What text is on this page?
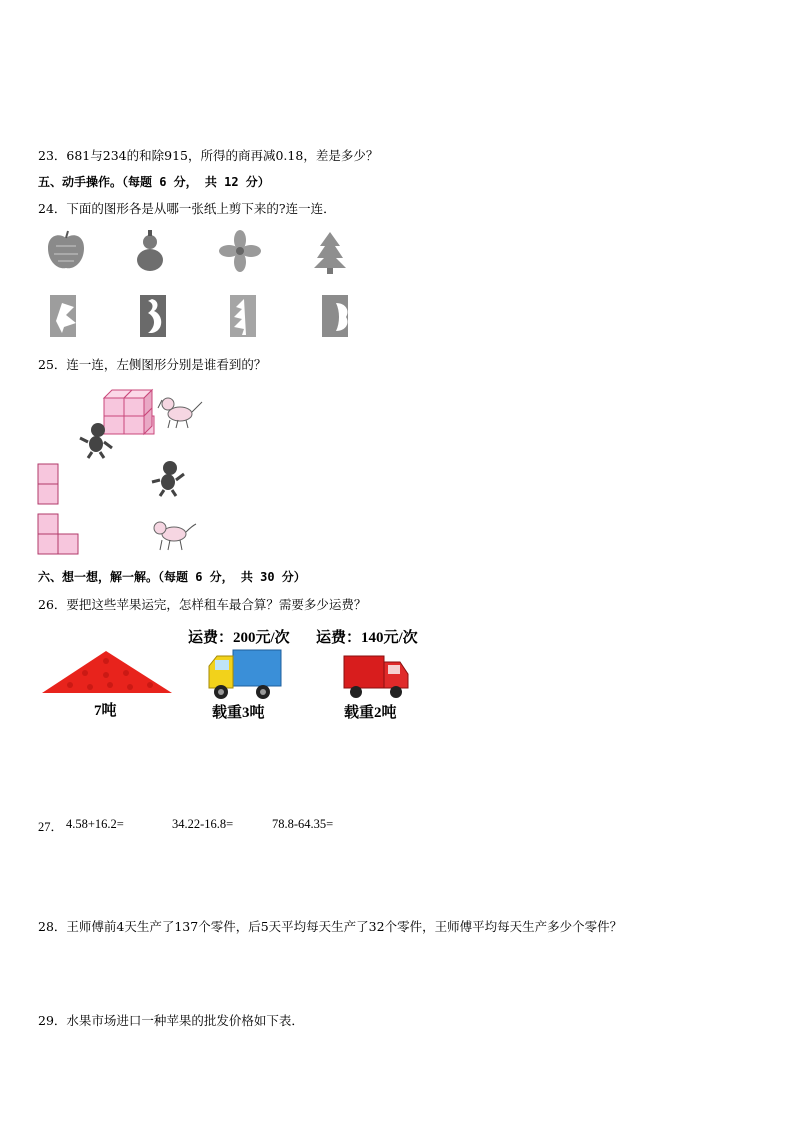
23．681与234的和除915，所得的商再减0.18，差是多少？
五、动手操作。（每题 6 分， 共 12 分）
24．下面的图形各是从哪一张纸上剪下来的?连一连．
25．连一连，左侧图形分别是谁看到的？
六、想一想，解一解。（每题 6 分， 共 30 分）
26．要把这些苹果运完，怎样租车最合算？需要多少运费？
运费：200元/次 运费：140元/次
7吨	载重3吨	载重2吨
27． 4.58+16.2=	34.22-16.8=	78.8-64.35=
28．王师傅前4天生产了137个零件，后5天平均每天生产了32个零件，王师傅平均每天生产多少个零件？
29．水果市场进口一种苹果的批发价格如下表．
